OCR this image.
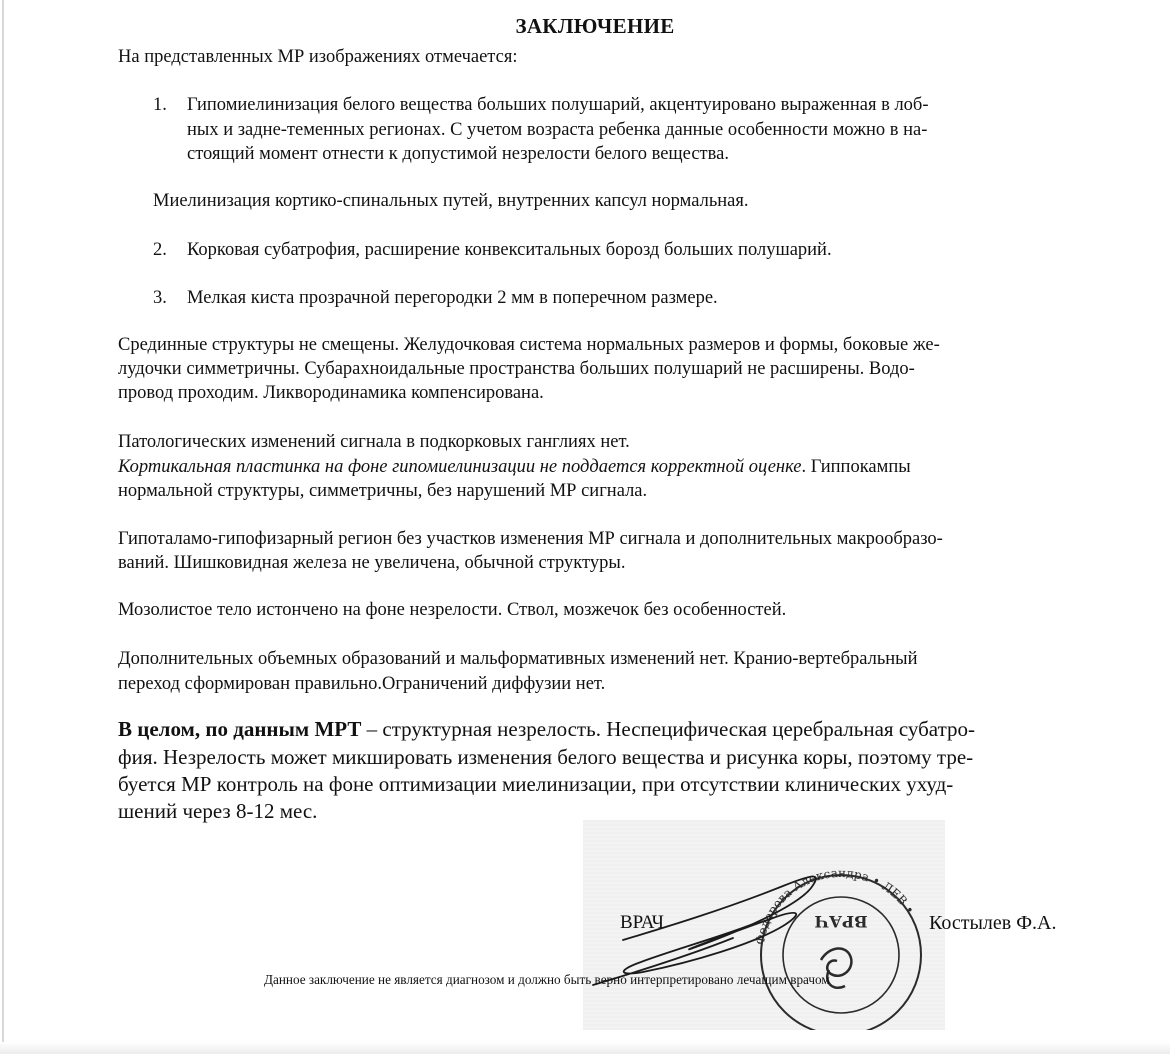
ЗАКЛЮЧЕНИЕ
На представленных МР изображениях отмечается:
1. Гипомиелинизация белого вещества больших полушарий, акцентуировано выраженная в лоб-
ных и задне-теменных регионах. С учетом возраста ребенка данные особенности можно в на-
стоящий момент отнести к допустимой незрелости белого вещества.
Миелинизация кортико-спинальных путей, внутренних капсул нормальная.
2. Корковая субатрофия, расширение конвекситальных борозд больших полушарий.
3. Мелкая киста прозрачной перегородки 2 мм в поперечном размере.
Срединные структуры не смещены. Желудочковая система нормальных размеров и формы, боковые же-
лудочки симметричны. Субарахноидальные пространства больших полушарий не расширены. Водо-
провод проходим. Ликвородинамика компенсирована.
Патологических изменений сигнала в подкорковых ганглиях нет.
Кортикальная пластинка на фоне гипомиелинизации не поддается корректной оценке. Гиппокампы
нормальной структуры, симметричны, без нарушений МР сигнала.
Гипоталамо-гипофизарный регион без участков изменения МР сигнала и дополнительных макрообразо-
ваний. Шишковидная железа не увеличена, обычной структуры.
Мозолистое тело истончено на фоне незрелости. Ствол, мозжечок без особенностей.
Дополнительных объемных образований и мальформативных изменений нет. Кранио-вертебральный
переход сформирован правильно.Ограничений диффузии нет.
В целом, по данным МРТ – структурная незрелость. Неспецифическая церебральная субатро-
фия. Незрелость может микшировать изменения белого вещества и рисунка коры, поэтому тре-
буется МР контроль на фоне оптимизации миелинизации, при отсутствии клинических ухуд-
шений через 8-12 мес.
Федорова Александра • ЛЕВ •
ВРАЧ
ВРАЧ	Костылев Ф.А.
Данное заключение не является диагнозом и должно быть верно интерпретировано лечащим врачом
